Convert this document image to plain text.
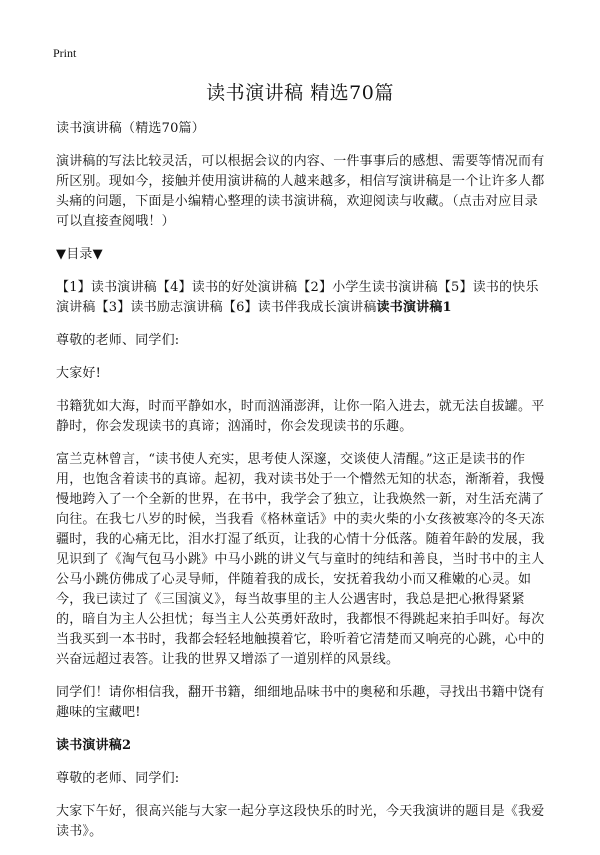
Print
读书演讲稿 精选70篇

读书演讲稿（精选70篇）

演讲稿的写法比较灵活，可以根据会议的内容、一件事事后的感想、需要等情况而有所区别。现如今，接触并使用演讲稿的人越来越多，相信写演讲稿是一个让许多人都头痛的问题，下面是小编精心整理的读书演讲稿，欢迎阅读与收藏。（点击对应目录可以直接查阅哦！）

▼目录▼

【1】读书演讲稿【4】读书的好处演讲稿【2】小学生读书演讲稿【5】读书的快乐演讲稿【3】读书励志演讲稿【6】读书伴我成长演讲稿读书演讲稿1

尊敬的老师、同学们:

大家好!

书籍犹如大海，时而平静如水，时而汹涌澎湃，让你一陷入进去，就无法自拔罐。平静时，你会发现读书的真谛；汹涌时，你会发现读书的乐趣。

富兰克林曾言，“读书使人充实，思考使人深邃，交谈使人清醒。”这正是读书的作用，也饱含着读书的真谛。起初，我对读书处于一个懵然无知的状态，渐渐着，我慢慢地跨入了一个全新的世界，在书中，我学会了独立，让我焕然一新，对生活充满了向往。在我七八岁的时候，当我看《格林童话》中的卖火柴的小女孩被寒冷的冬天冻疆时，我的心痛无比，泪水打湿了纸页，让我的心情十分低落。随着年龄的发展，我见识到了《淘气包马小跳》中马小跳的讲义气与童时的纯结和善良，当时书中的主人公马小跳仿佛成了心灵导师，伴随着我的成长，安抚着我幼小而又稚嫩的心灵。如今，我已读过了《三国演义》，每当故事里的主人公遇害时，我总是把心揪得紧紧的，暗自为主人公担忧；每当主人公英勇奸敌时，我都恨不得跳起来拍手叫好。每次当我买到一本书时，我都会轻轻地触摸着它，聆听着它清楚而又响亮的心跳，心中的兴奋远超过表答。让我的世界又增添了一道别样的风景线。

同学们！请你相信我，翻开书籍，细细地品味书中的奥秘和乐趣，寻找出书籍中饶有趣味的宝藏吧!

读书演讲稿2

尊敬的老师、同学们:

大家下午好，很高兴能与大家一起分享这段快乐的时光，今天我演讲的题目是《我爱读书》。
